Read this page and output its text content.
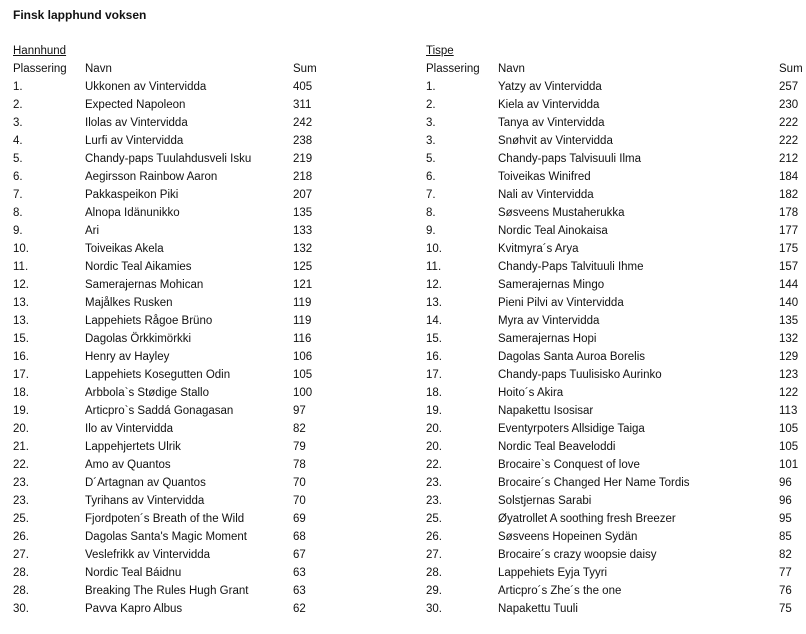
Finsk lapphund voksen
Hannhund
Plassering Navn	Sum
1.	Ukkonen av Vintervidda	405
2.	Expected Napoleon	311
3.	Ilolas av Vintervidda	242
4.	Lurfi av Vintervidda	238
5.	Chandy-paps Tuulahdusveli Isku	219
6.	Aegirsson Rainbow Aaron	218
7.	Pakkaspeikon Piki	207
8.	Alnopa Idänunikko	135
9.	Ari	133
10.	Toiveikas Akela	132
11.	Nordic Teal Aikamies	125
12.	Samerajernas Mohican	121
13.	Majålkes Rusken	119
13.	Lappehiets Rågoe Brüno	119
15.	Dagolas Örkkimörkki	116
16.	Henry av Hayley	106
17.	Lappehiets Kosegutten Odin	105
18.	Arbbola`s Stødige Stallo	100
19.	Articpro`s Saddá Gonagasan	97
20.	Ilo av Vintervidda	82
21.	Lappehjertets Ulrik	79
22.	Amo av Quantos	78
23.	D´Artagnan av Quantos	70
23.	Tyrihans av Vintervidda	70
25.	Fjordpoten´s Breath of the Wild	69
26.	Dagolas Santa's Magic Moment	68
27.	Veslefrikk av Vintervidda	67
28.	Nordic Teal Báidnu	63
28.	Breaking The Rules Hugh Grant	63
30.	Pavva Kapro Albus	62
Tispe
Plassering Navn	Sum
1.	Yatzy av Vintervidda	257
2.	Kiela av Vintervidda	230
3.	Tanya av Vintervidda	222
3.	Snøhvit av Vintervidda	222
5.	Chandy-paps Talvisuuli Ilma	212
6.	Toiveikas Winifred	184
7.	Nali av Vintervidda	182
8.	Søsveens Mustaherukka	178
9.	Nordic Teal Ainokaisa	177
10.	Kvitmyra´s Arya	175
11.	Chandy-Paps Talvituuli Ihme	157
12.	Samerajernas Mingo	144
13.	Pieni Pilvi av Vintervidda	140
14.	Myra av Vintervidda	135
15.	Samerajernas Hopi	132
16.	Dagolas Santa Auroa Borelis	129
17.	Chandy-paps Tuulisisko Aurinko	123
18.	Hoito´s Akira	122
19.	Napakettu Isosisar	113
20.	Eventyrpoters Allsidige Taiga	105
20.	Nordic Teal Beaveloddi	105
22.	Brocaire`s Conquest of love	101
23.	Brocaire´s Changed Her Name Tordis	96
23.	Solstjernas Sarabi	96
25.	Øyatrollet A soothing fresh Breezer	95
26.	Søsveens Hopeinen Sydän	85
27.	Brocaire´s crazy woopsie daisy	82
28.	Lappehiets Eyja Tyyri	77
29.	Articpro´s Zhe´s the one	76
30.	Napakettu Tuuli	75
